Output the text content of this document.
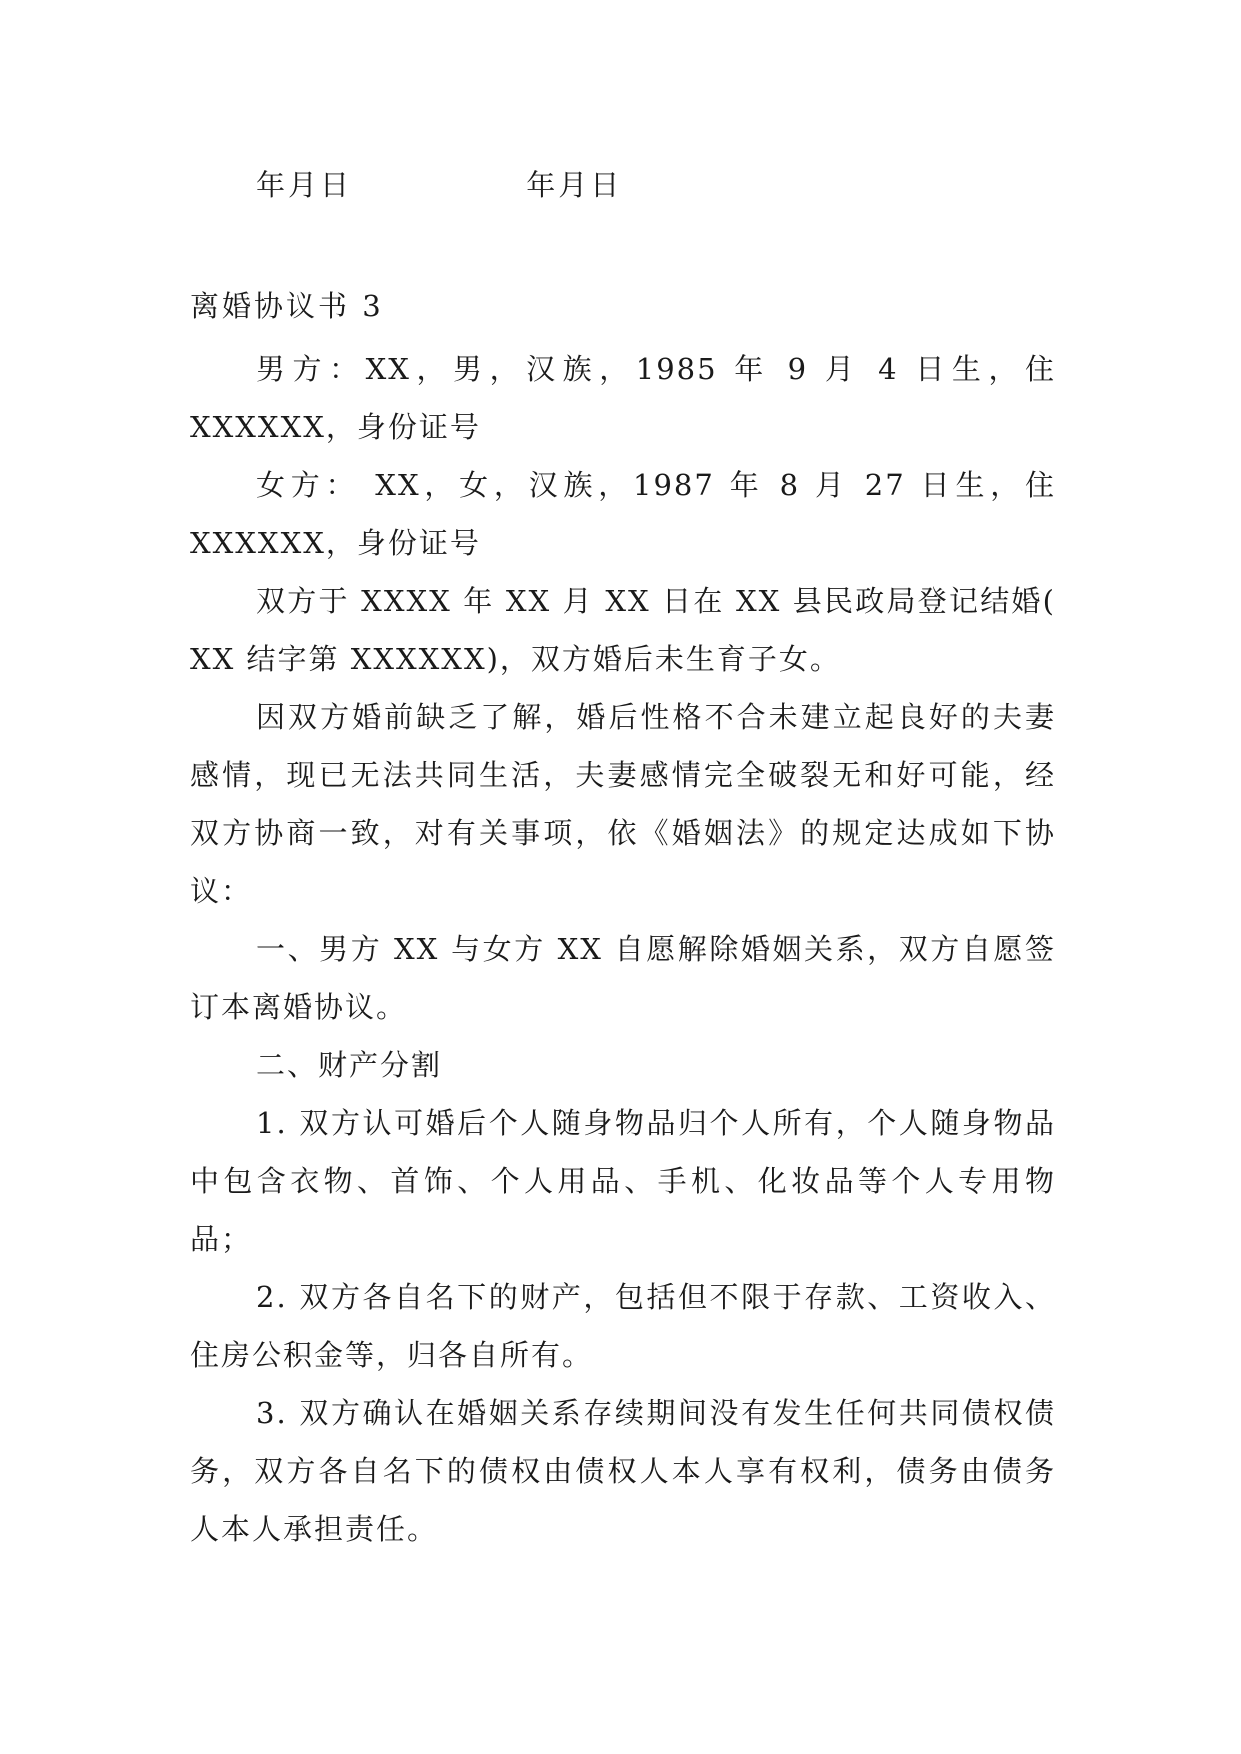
年月日	年月日
离婚协议书 3

男方：XX，男，汉族，1985 年 9 月 4 日生，住 XXXXXX，身份证号

女方： XX，女，汉族，1987 年 8 月 27 日生，住 XXXXXX，身份证号

双方于 XXXX 年 XX 月 XX 日在 XX 县民政局登记结婚( XX 结字第 XXXXXX)，双方婚后未生育子女。

因双方婚前缺乏了解，婚后性格不合未建立起良好的夫妻感情，现已无法共同生活，夫妻感情完全破裂无和好可能，经双方协商一致，对有关事项，依《婚姻法》的规定达成如下协议：

一、男方 XX 与女方 XX 自愿解除婚姻关系，双方自愿签订本离婚协议。

二、财产分割

1. 双方认可婚后个人随身物品归个人所有，个人随身物品中包含衣物、首饰、个人用品、手机、化妆品等个人专用物品；

2. 双方各自名下的财产，包括但不限于存款、工资收入、住房公积金等，归各自所有。

3. 双方确认在婚姻关系存续期间没有发生任何共同债权债务，双方各自名下的债权由债权人本人享有权利，债务由债务人本人承担责任。
